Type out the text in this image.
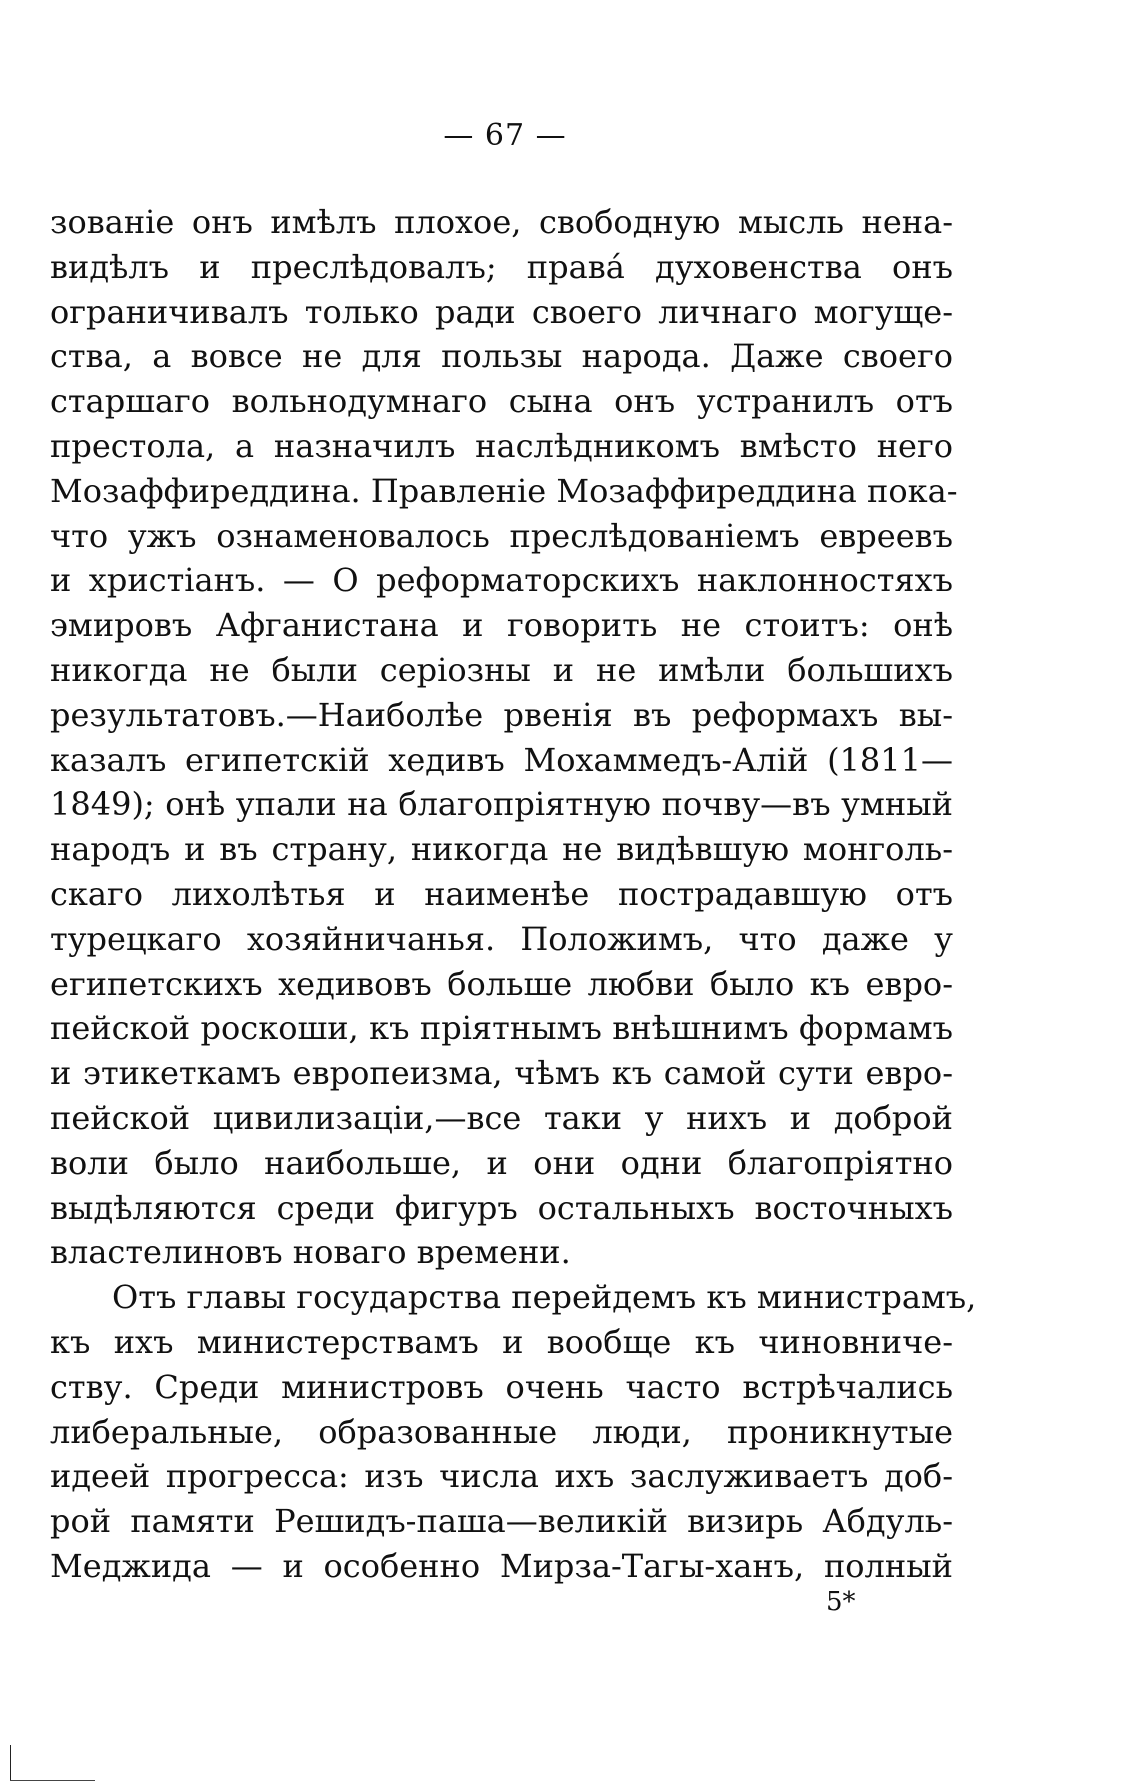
— 67 —
зованіе онъ имѣлъ плохое, свободную мысль нена-
видѣлъ и преслѣдовалъ; права́ духовенства онъ
ограничивалъ только ради своего личнаго могуще-
ства, а вовсе не для пользы народа. Даже своего
старшаго вольнодумнаго сына онъ устранилъ отъ
престола, а назначилъ наслѣдникомъ вмѣсто него
Мозаффиреддина. Правленіе Мозаффиреддина пока-
что ужъ ознаменовалось преслѣдованіемъ евреевъ
и христіанъ. — О реформаторскихъ наклонностяхъ
эмировъ Афганистана и говорить не стоитъ: онѣ
никогда не были серіозны и не имѣли большихъ
результатовъ.—Наиболѣе рвенія въ реформахъ вы-
казалъ египетскій хедивъ Мохаммедъ-Алій (1811—
1849); онѣ упали на благопріятную почву—въ умный
народъ и въ страну, никогда не видѣвшую монголь-
скаго лихолѣтья и наименѣе пострадавшую отъ
турецкаго хозяйничанья. Положимъ, что даже у
египетскихъ хедивовъ больше любви было къ евро-
пейской роскоши, къ пріятнымъ внѣшнимъ формамъ
и этикеткамъ европеизма, чѣмъ къ самой сути евро-
пейской цивилизаціи,—все таки у нихъ и доброй
воли было наибольше, и они одни благопріятно
выдѣляются среди фигуръ остальныхъ восточныхъ
властелиновъ новаго времени.
Отъ главы государства перейдемъ къ министрамъ,
къ ихъ министерствамъ и вообще къ чиновниче-
ству. Среди министровъ очень часто встрѣчались
либеральные, образованные люди, проникнутые
идеей прогресса: изъ числа ихъ заслуживаетъ доб-
рой памяти Решидъ-паша—великій визирь Абдуль-
Меджида — и особенно Мирза-Тагы-ханъ, полный
5*
